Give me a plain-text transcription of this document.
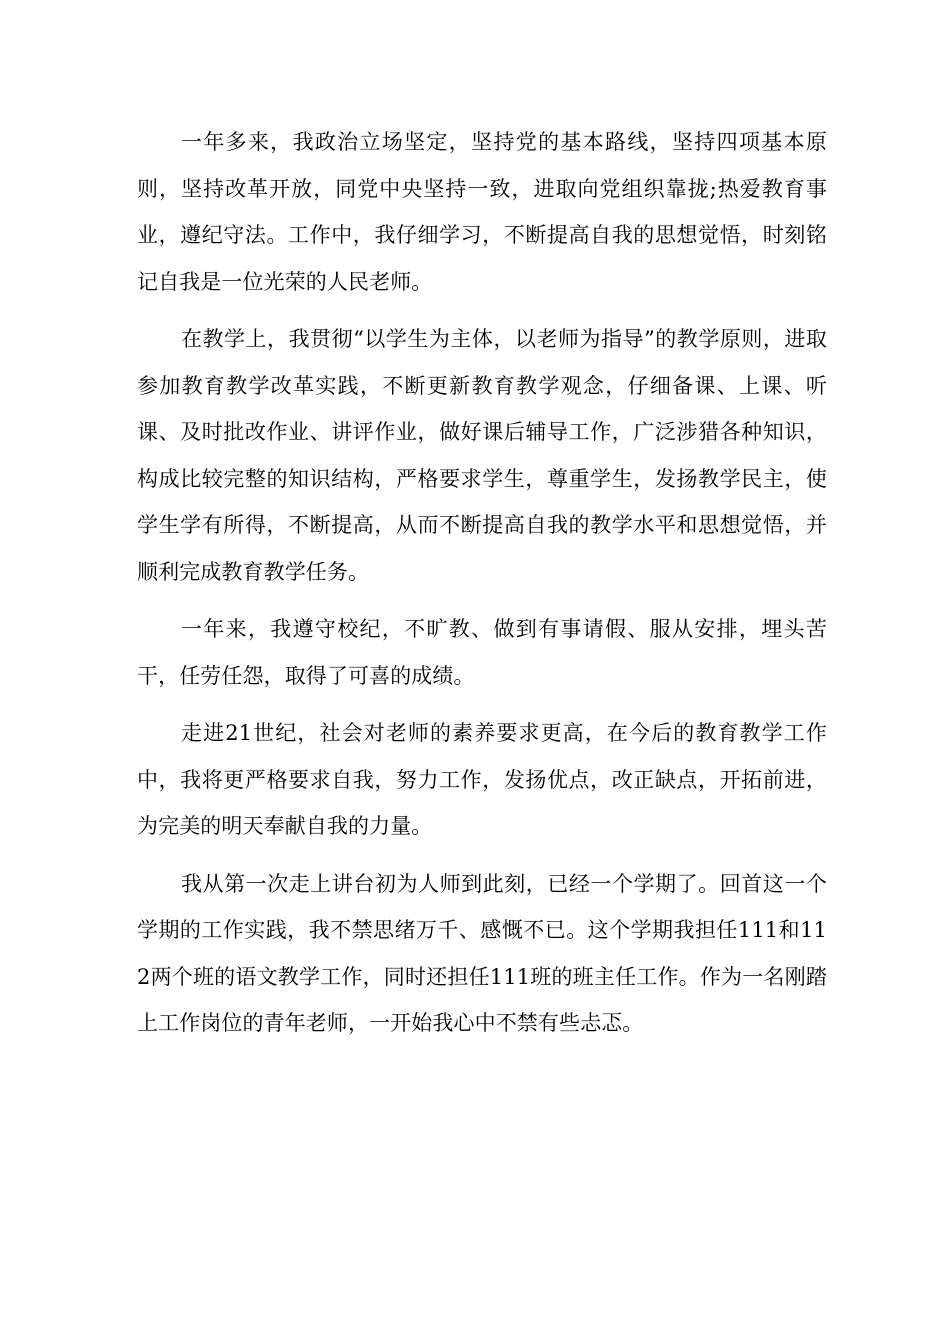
一年多来，我政治立场坚定，坚持党的基本路线，坚持四项基本原则，坚持改革开放，同党中央坚持一致，进取向党组织靠拢;热爱教育事业，遵纪守法。工作中，我仔细学习，不断提高自我的思想觉悟，时刻铭记自我是一位光荣的人民老师。

在教学上，我贯彻“以学生为主体，以老师为指导”的教学原则，进取参加教育教学改革实践，不断更新教育教学观念，仔细备课、上课、听课、及时批改作业、讲评作业，做好课后辅导工作，广泛涉猎各种知识，构成比较完整的知识结构，严格要求学生，尊重学生，发扬教学民主，使学生学有所得，不断提高，从而不断提高自我的教学水平和思想觉悟，并顺利完成教育教学任务。

一年来，我遵守校纪，不旷教、做到有事请假、服从安排，埋头苦干，任劳任怨，取得了可喜的成绩。

走进21世纪，社会对老师的素养要求更高，在今后的教育教学工作中，我将更严格要求自我，努力工作，发扬优点，改正缺点，开拓前进，为完美的明天奉献自我的力量。

我从第一次走上讲台初为人师到此刻，已经一个学期了。回首这一个学期的工作实践，我不禁思绪万千、感慨不已。这个学期我担任111和112两个班的语文教学工作，同时还担任111班的班主任工作。作为一名刚踏上工作岗位的青年老师，一开始我心中不禁有些忐忑。
